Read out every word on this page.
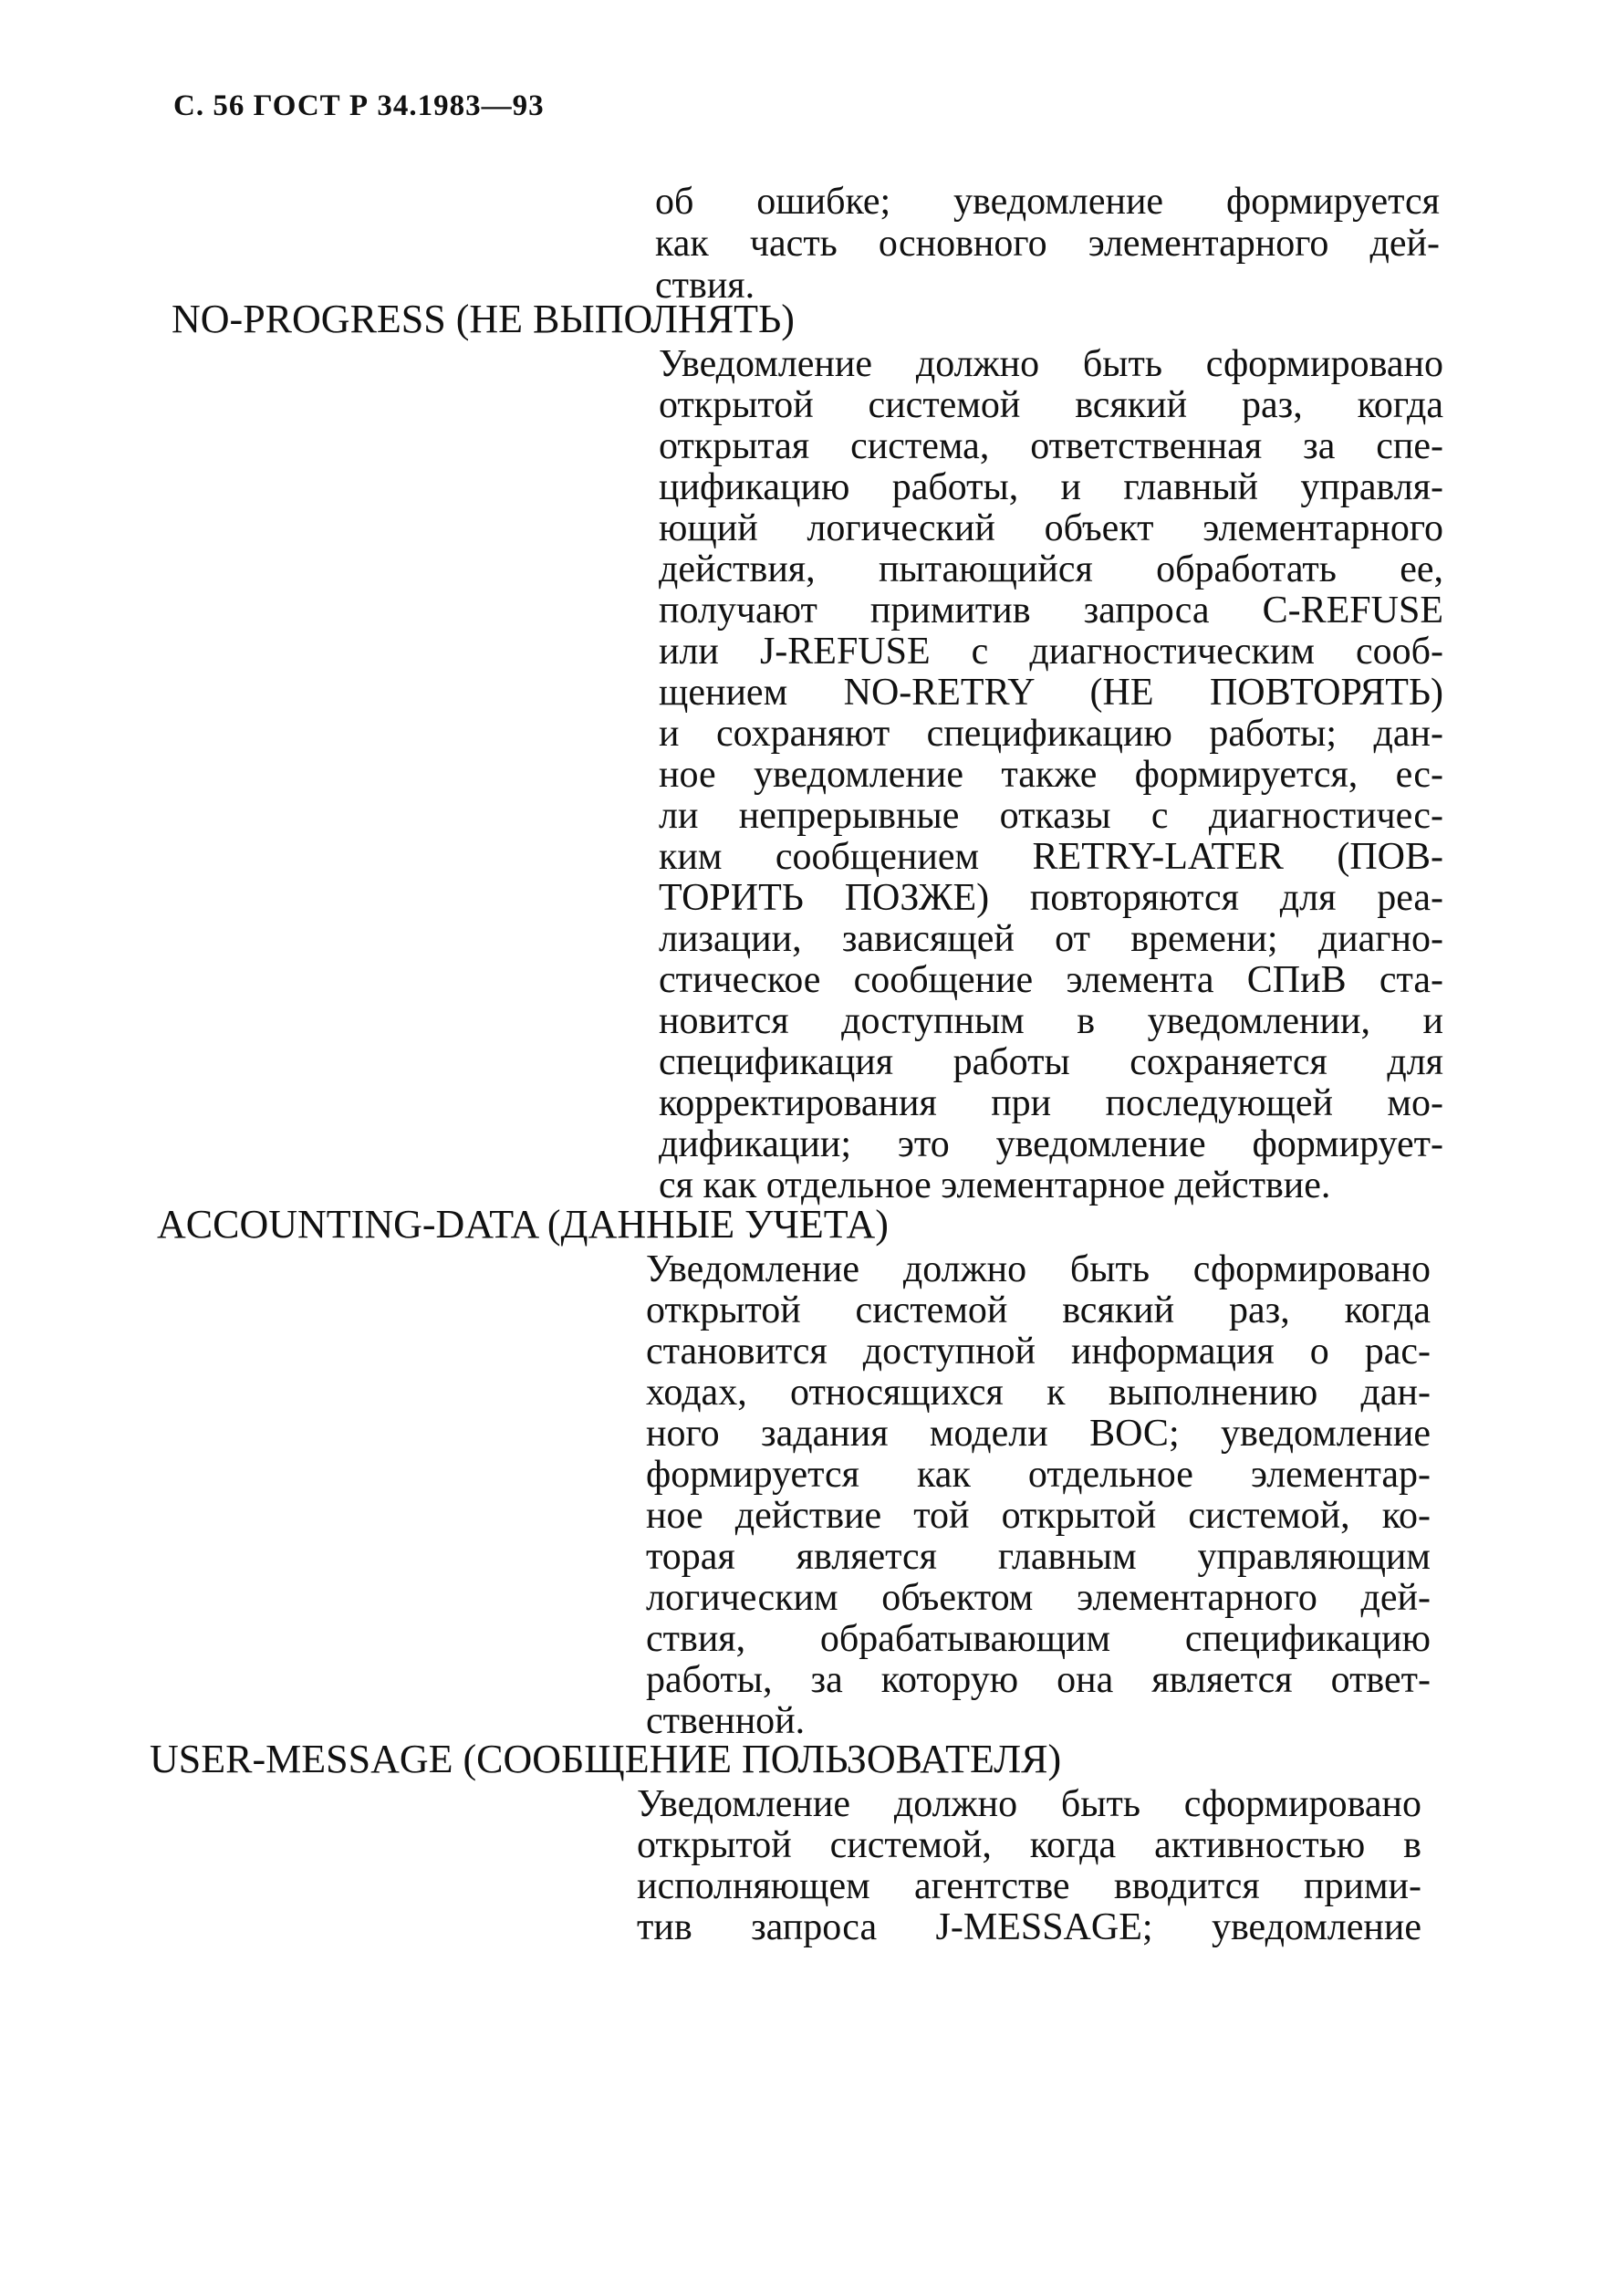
С. 56 ГОСТ Р 34.1983—93
об ошибке; уведомление формируется
как часть основного элементарного дей-
ствия.
NO-PROGRESS (НЕ ВЫПОЛНЯТЬ)
Уведомление должно быть сформировано
открытой системой всякий раз, когда
открытая система, ответственная за спе-
цификацию работы, и главный управля-
ющий логический объект элементарного
действия, пытающийся обработать ее,
получают примитив запроса C-REFUSE
или J-REFUSE с диагностическим сооб-
щением NO-RETRY (НЕ ПОВТОРЯТЬ)
и сохраняют спецификацию работы; дан-
ное уведомление также формируется, ес-
ли непрерывные отказы с диагностичес-
ким сообщением RETRY-LATER (ПОВ-
ТОРИТЬ ПОЗЖЕ) повторяются для реа-
лизации, зависящей от времени; диагно-
стическое сообщение элемента СПиВ ста-
новится доступным в уведомлении, и
спецификация работы сохраняется для
корректирования при последующей мо-
дификации; это уведомление формирует-
ся как отдельное элементарное действие.
ACCOUNTING-DATA (ДАННЫЕ УЧЕТА)
Уведомление должно быть сформировано
открытой системой всякий раз, когда
становится доступной информация о рас-
ходах, относящихся к выполнению дан-
ного задания модели ВОС; уведомление
формируется как отдельное элементар-
ное действие той открытой системой, ко-
торая является главным управляющим
логическим объектом элементарного дей-
ствия, обрабатывающим спецификацию
работы, за которую она является ответ-
ственной.
USER-MESSAGE (СООБЩЕНИЕ ПОЛЬЗОВАТЕЛЯ)
Уведомление должно быть сформировано
открытой системой, когда активностью в
исполняющем агентстве вводится прими-
тив запроса J-MESSAGE; уведомление
